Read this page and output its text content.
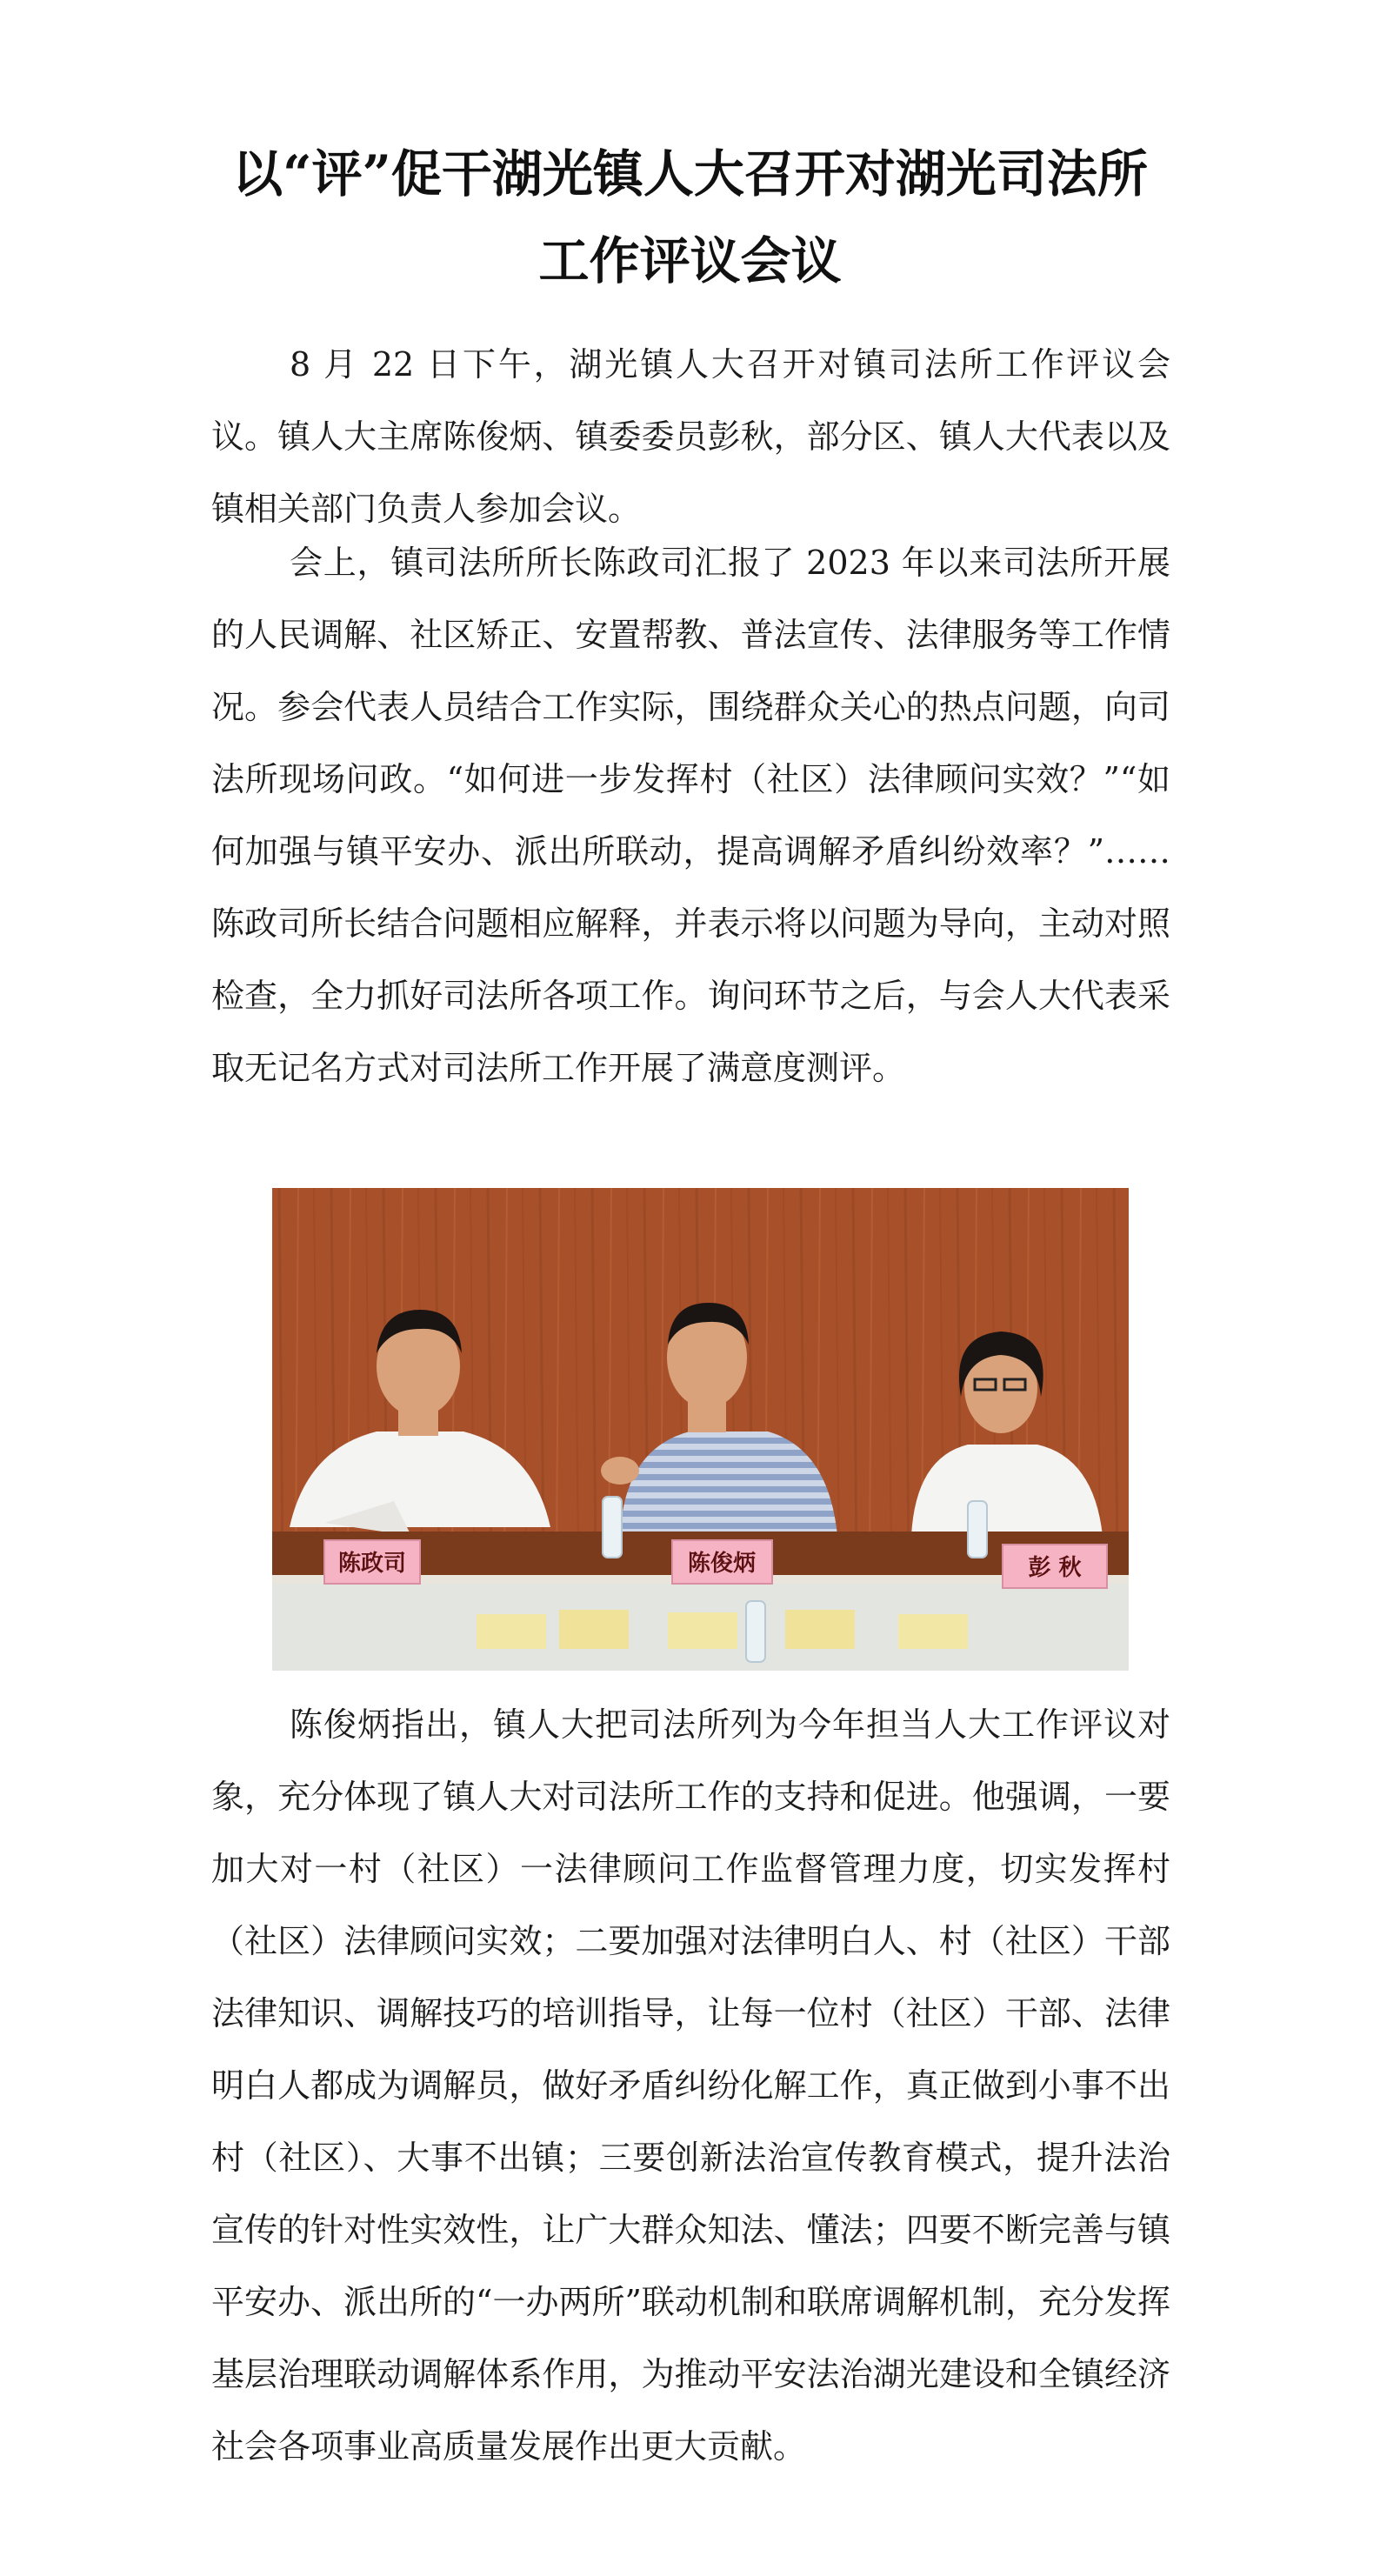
以“评”促干湖光镇人大召开对湖光司法所
工作评议会议

8 月 22 日下午，湖光镇人大召开对镇司法所工作评议会议。镇人大主席陈俊炳、镇委委员彭秋，部分区、镇人大代表以及镇相关部门负责人参加会议。

会上，镇司法所所长陈政司汇报了 2023 年以来司法所开展的人民调解、社区矫正、安置帮教、普法宣传、法律服务等工作情况。参会代表人员结合工作实际，围绕群众关心的热点问题，向司法所现场问政。“如何进一步发挥村（社区）法律顾问实效？”“如何加强与镇平安办、派出所联动，提高调解矛盾纠纷效率？”……陈政司所长结合问题相应解释，并表示将以问题为导向，主动对照检查，全力抓好司法所各项工作。询问环节之后，与会人大代表采取无记名方式对司法所工作开展了满意度测评。

陈政司	陈俊炳	彭 秋

陈俊炳指出，镇人大把司法所列为今年担当人大工作评议对象，充分体现了镇人大对司法所工作的支持和促进。他强调，一要加大对一村（社区）一法律顾问工作监督管理力度，切实发挥村（社区）法律顾问实效；二要加强对法律明白人、村（社区）干部法律知识、调解技巧的培训指导，让每一位村（社区）干部、法律明白人都成为调解员，做好矛盾纠纷化解工作，真正做到小事不出村（社区）、大事不出镇；三要创新法治宣传教育模式，提升法治宣传的针对性实效性，让广大群众知法、懂法；四要不断完善与镇平安办、派出所的“一办两所”联动机制和联席调解机制，充分发挥基层治理联动调解体系作用，为推动平安法治湖光建设和全镇经济社会各项事业高质量发展作出更大贡献。
